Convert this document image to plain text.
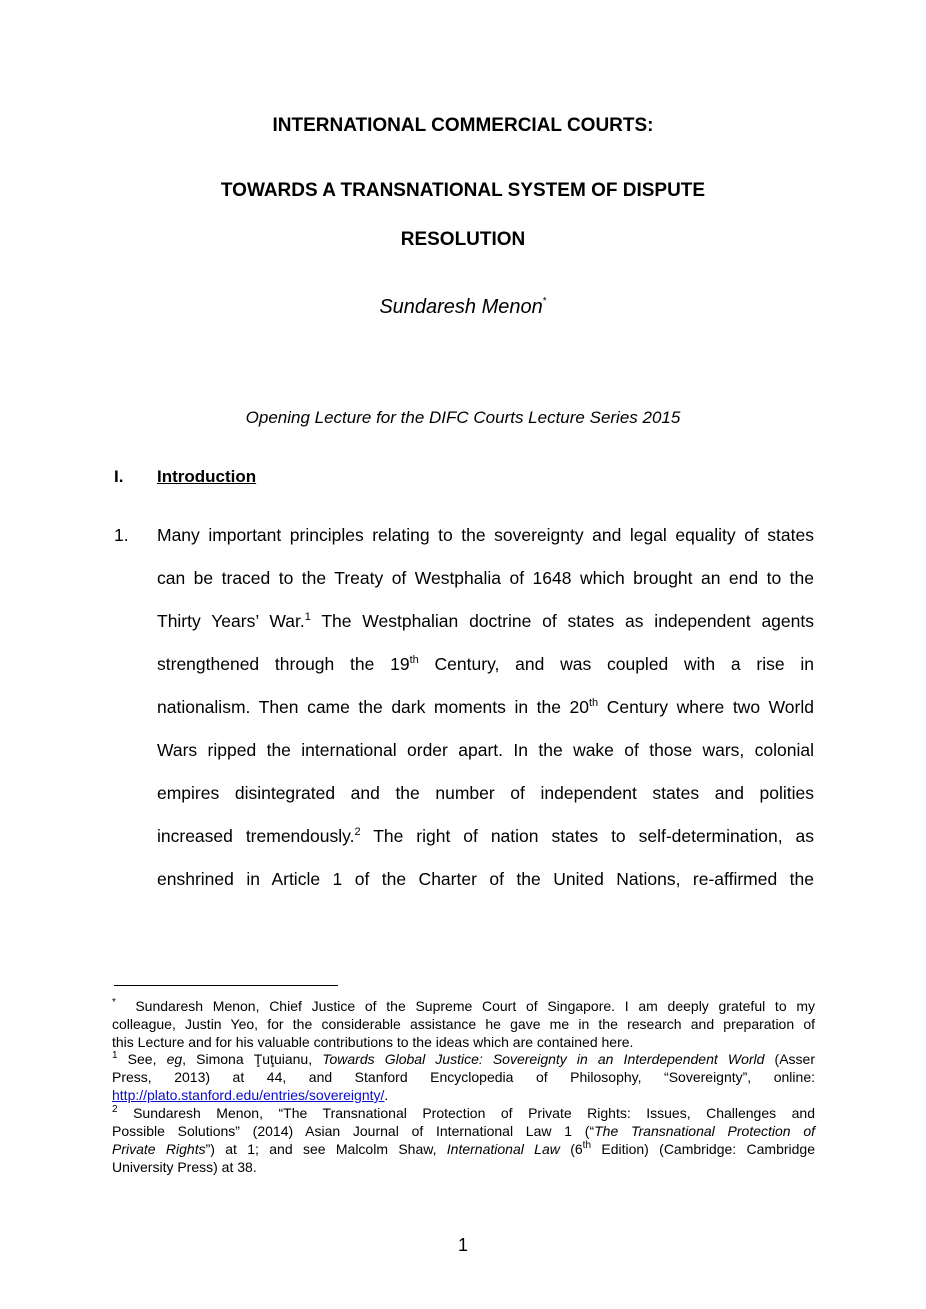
INTERNATIONAL COMMERCIAL COURTS:
TOWARDS A TRANSNATIONAL SYSTEM OF DISPUTE
RESOLUTION
Sundaresh Menon*
Opening Lecture for the DIFC Courts Lecture Series 2015
I. Introduction
1. Many important principles relating to the sovereignty and legal equality of states
can be traced to the Treaty of Westphalia of 1648 which brought an end to the
Thirty Years’ War.$^1$ The Westphalian doctrine of states as independent agents
strengthened through the 19th Century, and was coupled with a rise in
nationalism. Then came the dark moments in the 20th Century where two World
Wars ripped the international order apart. In the wake of those wars, colonial
empires disintegrated and the number of independent states and polities
increased tremendously.$^2$ The right of nation states to self-determination, as
enshrined in Article 1 of the Charter of the United Nations, re-affirmed the
* Sundaresh Menon, Chief Justice of the Supreme Court of Singapore. I am deeply grateful to my
colleague, Justin Yeo, for the considerable assistance he gave me in the research and preparation of
this Lecture and for his valuable contributions to the ideas which are contained here.
$^1$ See, eg, Simona Ţuţuianu, Towards Global Justice: Sovereignty in an Interdependent World (Asser
Press, 2013) at 44, and Stanford Encyclopedia of Philosophy, “Sovereignty”, online:
http://plato.stanford.edu/entries/sovereignty/.
$^2$ Sundaresh Menon, “The Transnational Protection of Private Rights: Issues, Challenges and
Possible Solutions” (2014) Asian Journal of International Law 1 (“The Transnational Protection of
Private Rights”) at 1; and see Malcolm Shaw, International Law (6th Edition) (Cambridge: Cambridge
University Press) at 38.
1
